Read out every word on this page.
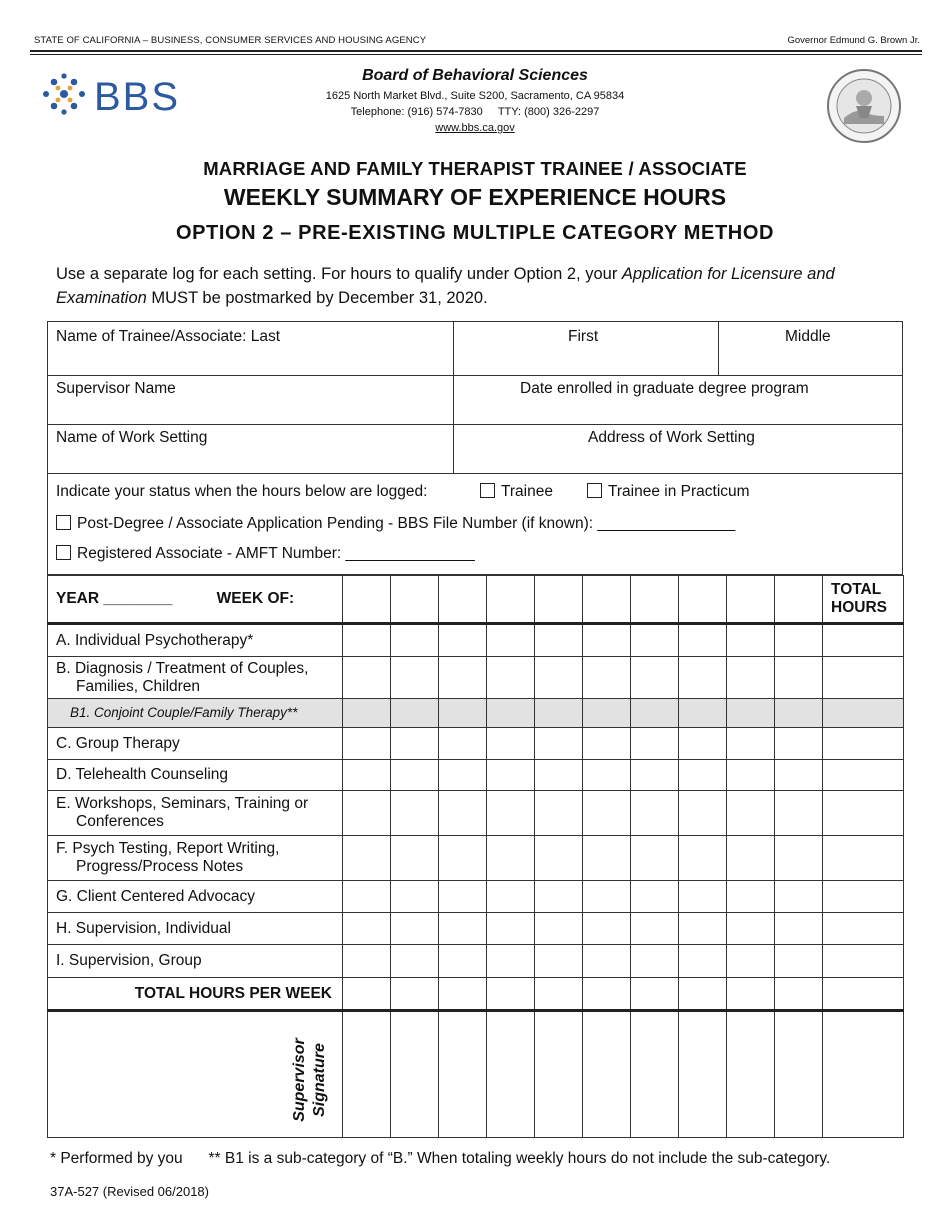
STATE OF CALIFORNIA – BUSINESS, CONSUMER SERVICES AND HOUSING AGENCY	Governor Edmund G. Brown Jr.
BBS	Board of Behavioral Sciences
1625 North Market Blvd., Suite S200, Sacramento, CA 95834
Telephone: (916) 574-7830     TTY: (800) 326-2297
www.bbs.ca.gov
MARRIAGE AND FAMILY THERAPIST TRAINEE / ASSOCIATE
WEEKLY SUMMARY OF EXPERIENCE HOURS
OPTION 2 – PRE-EXISTING MULTIPLE CATEGORY METHOD
Use a separate log for each setting. For hours to qualify under Option 2, your Application for Licensure and Examination MUST be postmarked by December 31, 2020.
Name of Trainee/Associate: Last	First	Middle
Supervisor Name	Date enrolled in graduate degree program
Name of Work Setting	Address of Work Setting
Indicate your status when the hours below are logged:	Trainee	Trainee in Practicum
Post-Degree / Associate Application Pending - BBS File Number (if known): ________________
Registered Associate - AMFT Number: _______________
YEAR ________ WEEK OF:											TOTAL
HOURS
A. Individual Psychotherapy*											
B. Diagnosis / Treatment of Couples,
Families, Children											
B1. Conjoint Couple/Family Therapy**											
C. Group Therapy											
D. Telehealth Counseling											
E. Workshops, Seminars, Training or
Conferences											
F. Psych Testing, Report Writing,
Progress/Process Notes											
G. Client Centered Advocacy											
H. Supervision, Individual											
I. Supervision, Group											
TOTAL HOURS PER WEEK											

Supervisor Signature											

* Performed by you      ** B1 is a sub-category of “B.” When totaling weekly hours do not include the sub-category.
37A-527 (Revised 06/2018)
